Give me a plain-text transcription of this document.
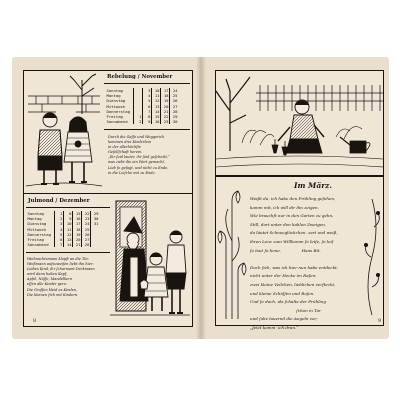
Rebelung / November
Sonntag		3	10	17	24
Montag		4	11	18	25
Dienstag		5	12	19	26
Mittwoch		6	13	20	27
Donnerstag		7	14	21	28
Freitag	1	8	15	22	29
Sonnabend	2	9	16	23	30
Durch die Gaſſe und Weggerich
kommen drei Kinderlein
in der allerhöchſte
Geſellſchaft herein.
„Ihr ſeid lauter, ihr ſeid geſchickt,“
was zieht die ein Wort gemacht,
Lieb ſo geſagt, und nicht zu Ende,
in die Lieſche mit zu Ende.
Julmond / Dezember
Sonntag	1	8	15	22	29
Montag	2	9	16	23	30
Dienstag	3	10	17	24	31
Mittwoch	4	11	18	25	
Donnerstag	5	12	19	26	
Freitag	6	13	20	27	
Sonnabend	7	14	21	28	
Weihnachtsmann klopft an die Tür.
Weißmann aufzuweiſen liebt ihn hier:
Liebes Kind, ihr ſcharmant Deckmann
wird dann heben Kopf,
Apfel, Nüſſe, Mandelkern
eſſen alle Kinder gern.
Die Groſſen kleid es Kinden,
Die kleinen ſieh mit Kindern.
8
Im März.
Weißt du, ich habe den Frühling geſehen,
komm mit, ich will dir ihn zeigen.
Wie brauchſt nur in den Garten zu gehn,
Still, dort unter den kahlen Zweigen,
da läutet Schneeglöckchen, zart und weiß,
ihren Lenz zum Willkomm ſo leiſe, ſo leiſ
ſo laut ſo hone.                Hans Bit.

Doch ſieh, was ich hier nun habe entdeckt,
nicht unter der Hecke im Raſen:
zwei kleine Veilchen, lieblichen verſteckt,
und kleine Schöſſen und Roſen.
Und ſo doch, als ſchalte der Frühling
ſchon in Tor
und ſahe lauernd die Angeln vor;
„Jetzt komm’ ich dran.“
9
